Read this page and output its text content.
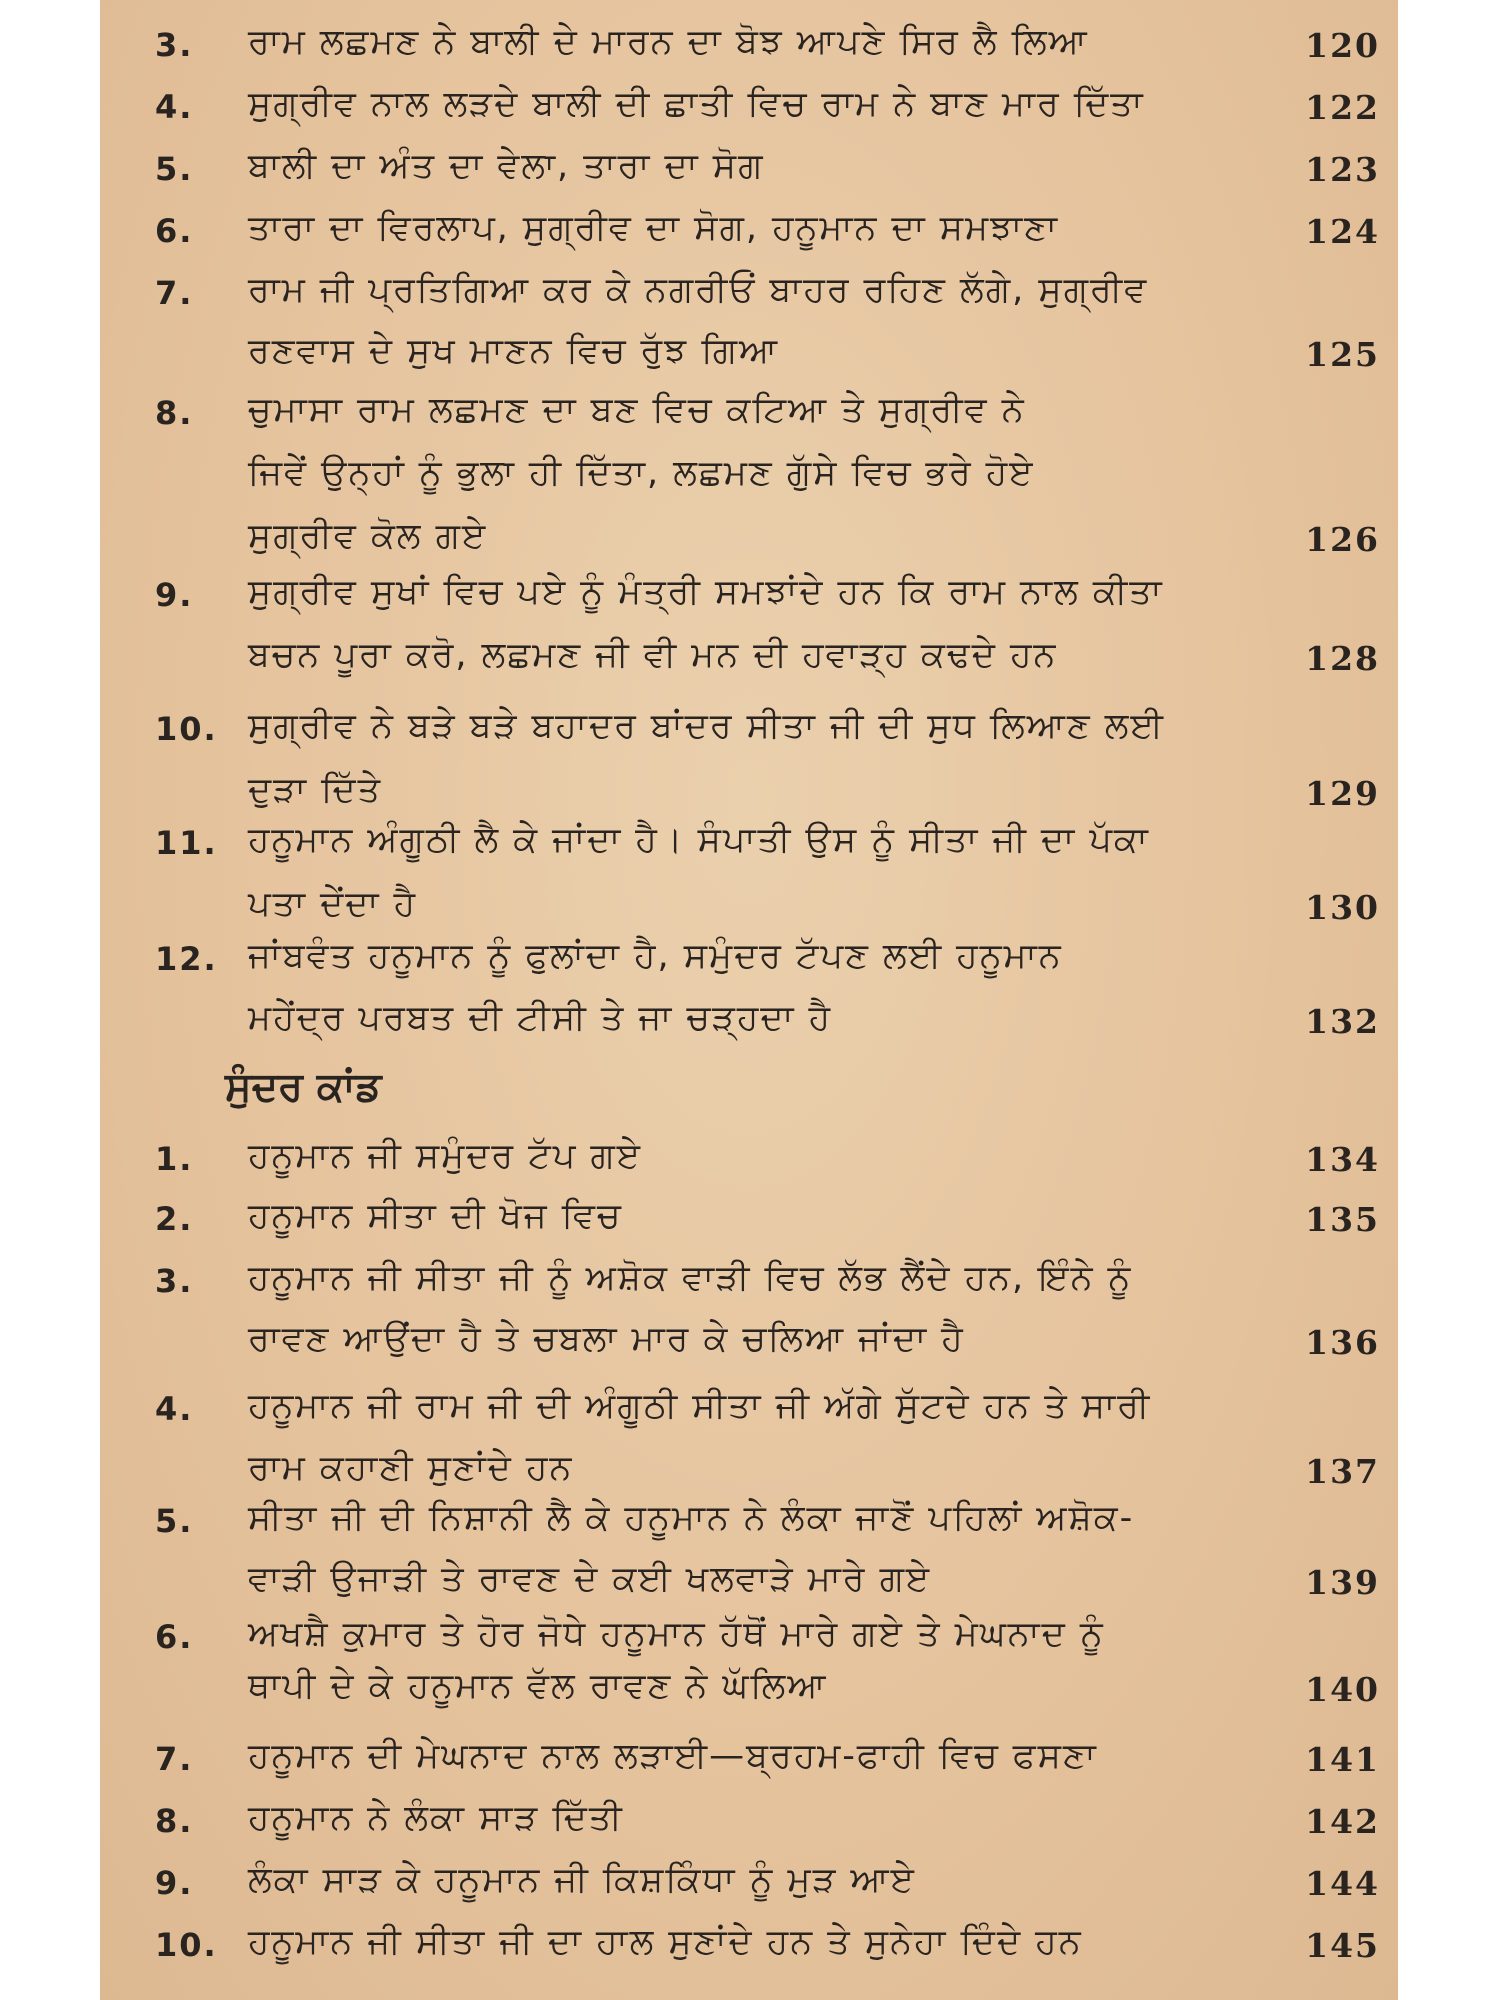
3.	ਰਾਮ ਲਛਮਣ ਨੇ ਬਾਲੀ ਦੇ ਮਾਰਨ ਦਾ ਬੋਝ ਆਪਣੇ ਸਿਰ ਲੈ ਲਿਆ	120
4.	ਸੁਗ੍ਰੀਵ ਨਾਲ ਲੜਦੇ ਬਾਲੀ ਦੀ ਛਾਤੀ ਵਿਚ ਰਾਮ ਨੇ ਬਾਣ ਮਾਰ ਦਿੱਤਾ	122
5.	ਬਾਲੀ ਦਾ ਅੰਤ ਦਾ ਵੇਲਾ, ਤਾਰਾ ਦਾ ਸੋਗ	123
6.	ਤਾਰਾ ਦਾ ਵਿਰਲਾਪ, ਸੁਗ੍ਰੀਵ ਦਾ ਸੋਗ, ਹਨੂਮਾਨ ਦਾ ਸਮਝਾਣਾ	124
7.	ਰਾਮ ਜੀ ਪ੍ਰਤਿਗਿਆ ਕਰ ਕੇ ਨਗਰੀਓਂ ਬਾਹਰ ਰਹਿਣ ਲੱਗੇ, ਸੁਗ੍ਰੀਵ
ਰਣਵਾਸ ਦੇ ਸੁਖ ਮਾਣਨ ਵਿਚ ਰੁੱਝ ਗਿਆ	125
8.	ਚੁਮਾਸਾ ਰਾਮ ਲਛਮਣ ਦਾ ਬਣ ਵਿਚ ਕਟਿਆ ਤੇ ਸੁਗ੍ਰੀਵ ਨੇ
ਜਿਵੇਂ ਉਨ੍ਹਾਂ ਨੂੰ ਭੁਲਾ ਹੀ ਦਿੱਤਾ, ਲਛਮਣ ਗੁੱਸੇ ਵਿਚ ਭਰੇ ਹੋਏ
ਸੁਗ੍ਰੀਵ ਕੋਲ ਗਏ	126
9.	ਸੁਗ੍ਰੀਵ ਸੁਖਾਂ ਵਿਚ ਪਏ ਨੂੰ ਮੰਤ੍ਰੀ ਸਮਝਾਂਦੇ ਹਨ ਕਿ ਰਾਮ ਨਾਲ ਕੀਤਾ
ਬਚਨ ਪੂਰਾ ਕਰੋ, ਲਛਮਣ ਜੀ ਵੀ ਮਨ ਦੀ ਹਵਾੜ੍ਹ ਕਢਦੇ ਹਨ	128
10. ਸੁਗ੍ਰੀਵ ਨੇ ਬੜੇ ਬੜੇ ਬਹਾਦਰ ਬਾਂਦਰ ਸੀਤਾ ਜੀ ਦੀ ਸੁਧ ਲਿਆਣ ਲਈ
ਦੁੜਾ ਦਿੱਤੇ	129
11. ਹਨੂਮਾਨ ਅੰਗੂਠੀ ਲੈ ਕੇ ਜਾਂਦਾ ਹੈ। ਸੰਪਾਤੀ ਉਸ ਨੂੰ ਸੀਤਾ ਜੀ ਦਾ ਪੱਕਾ
ਪਤਾ ਦੇਂਦਾ ਹੈ	130
12. ਜਾਂਬਵੰਤ ਹਨੂਮਾਨ ਨੂੰ ਫੁਲਾਂਦਾ ਹੈ, ਸਮੁੰਦਰ ਟੱਪਣ ਲਈ ਹਨੂਮਾਨ
ਮਹੇਂਦ੍ਰ ਪਰਬਤ ਦੀ ਟੀਸੀ ਤੇ ਜਾ ਚੜ੍ਹਦਾ ਹੈ	132
ਸੁੰਦਰ ਕਾਂਡ
1.	ਹਨੂਮਾਨ ਜੀ ਸਮੁੰਦਰ ਟੱਪ ਗਏ	134
2.	ਹਨੂਮਾਨ ਸੀਤਾ ਦੀ ਖੋਜ ਵਿਚ	135
3.	ਹਨੂਮਾਨ ਜੀ ਸੀਤਾ ਜੀ ਨੂੰ ਅਸ਼ੋਕ ਵਾੜੀ ਵਿਚ ਲੱਭ ਲੈਂਦੇ ਹਨ, ਇੰਨੇ ਨੂੰ
ਰਾਵਣ ਆਉਂਦਾ ਹੈ ਤੇ ਚਬਲਾ ਮਾਰ ਕੇ ਚਲਿਆ ਜਾਂਦਾ ਹੈ	136
4.	ਹਨੂਮਾਨ ਜੀ ਰਾਮ ਜੀ ਦੀ ਅੰਗੂਠੀ ਸੀਤਾ ਜੀ ਅੱਗੇ ਸੁੱਟਦੇ ਹਨ ਤੇ ਸਾਰੀ
ਰਾਮ ਕਹਾਣੀ ਸੁਣਾਂਦੇ ਹਨ	137
5.	ਸੀਤਾ ਜੀ ਦੀ ਨਿਸ਼ਾਨੀ ਲੈ ਕੇ ਹਨੂਮਾਨ ਨੇ ਲੰਕਾ ਜਾਣੋਂ ਪਹਿਲਾਂ ਅਸ਼ੋਕ-
ਵਾੜੀ ਉਜਾੜੀ ਤੇ ਰਾਵਣ ਦੇ ਕਈ ਖਲਵਾੜੇ ਮਾਰੇ ਗਏ	139
6.	ਅਖਸ਼ੈ ਕੁਮਾਰ ਤੇ ਹੋਰ ਜੋਧੇ ਹਨੂਮਾਨ ਹੱਥੋਂ ਮਾਰੇ ਗਏ ਤੇ ਮੇਘਨਾਦ ਨੂੰ
ਥਾਪੀ ਦੇ ਕੇ ਹਨੂਮਾਨ ਵੱਲ ਰਾਵਣ ਨੇ ਘੱਲਿਆ	140
7.	ਹਨੂਮਾਨ ਦੀ ਮੇਘਨਾਦ ਨਾਲ ਲੜਾਈ—ਬ੍ਰਹਮ-ਫਾਹੀ ਵਿਚ ਫਸਣਾ	141
8.	ਹਨੂਮਾਨ ਨੇ ਲੰਕਾ ਸਾੜ ਦਿੱਤੀ	142
9.	ਲੰਕਾ ਸਾੜ ਕੇ ਹਨੂਮਾਨ ਜੀ ਕਿਸ਼ਕਿੰਧਾ ਨੂੰ ਮੁੜ ਆਏ	144
10. ਹਨੂਮਾਨ ਜੀ ਸੀਤਾ ਜੀ ਦਾ ਹਾਲ ਸੁਣਾਂਦੇ ਹਨ ਤੇ ਸੁਨੇਹਾ ਦਿੰਦੇ ਹਨ	145
